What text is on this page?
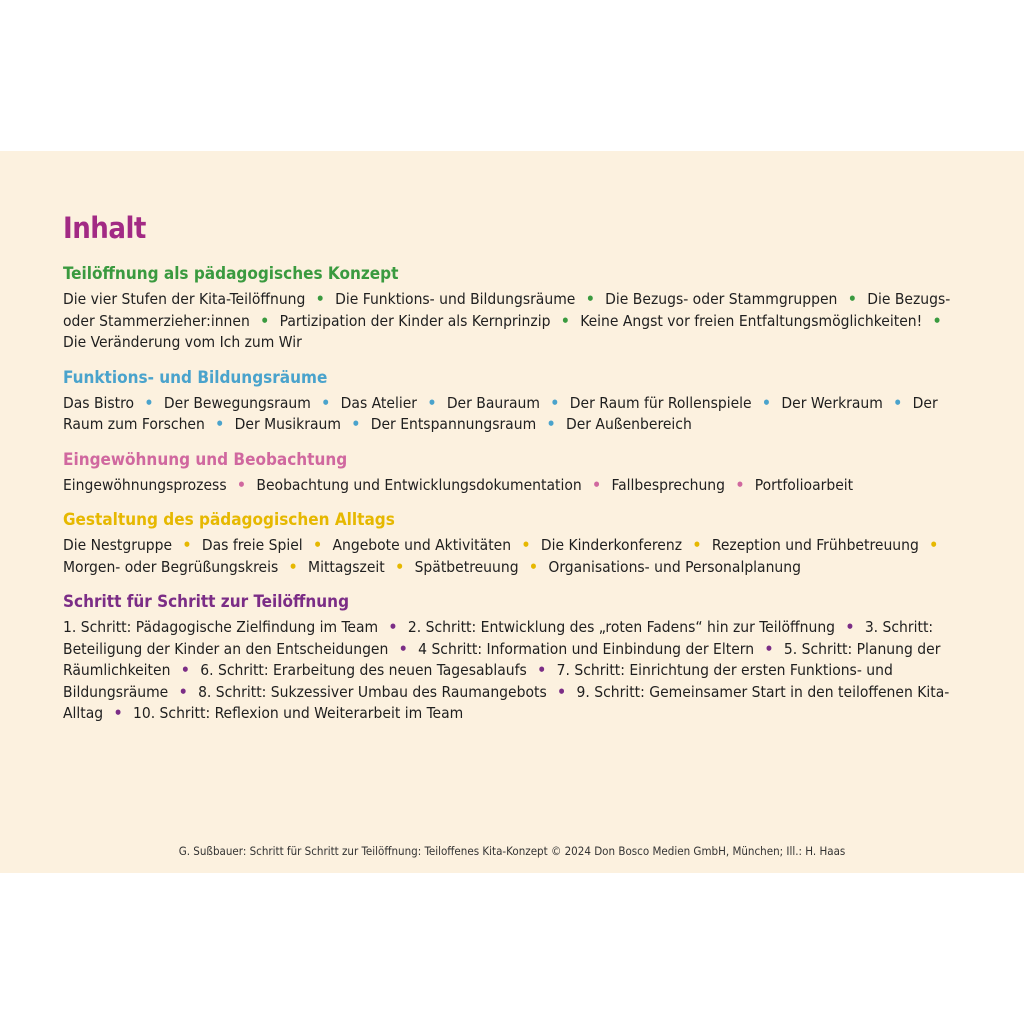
Inhalt
Teilöffnung als pädagogisches Konzept

Die vier Stufen der Kita-Teilöffnung • Die Funktions- und Bildungsräume • Die Bezugs- oder Stammgruppen • Die Bezugs- oder Stammerzieher:innen • Partizipation der Kinder als Kernprinzip • Keine Angst vor freien Entfaltungsmöglichkeiten! • Die Veränderung vom Ich zum Wir

Funktions- und Bildungsräume

Das Bistro • Der Bewegungsraum • Das Atelier • Der Bauraum • Der Raum für Rollenspiele • Der Werkraum • Der Raum zum Forschen • Der Musikraum • Der Entspannungsraum • Der Außenbereich

Eingewöhnung und Beobachtung

Eingewöhnungsprozess • Beobachtung und Entwicklungsdokumentation • Fallbesprechung • Portfolioarbeit

Gestaltung des pädagogischen Alltags

Die Nestgruppe • Das freie Spiel • Angebote und Aktivitäten • Die Kinderkonferenz • Rezeption und Frühbetreuung • Morgen- oder Begrüßungskreis • Mittagszeit • Spätbetreuung • Organisations- und Personalplanung

Schritt für Schritt zur Teilöffnung

1. Schritt: Pädagogische Zielfindung im Team • 2. Schritt: Entwicklung des „roten Fadens“ hin zur Teilöffnung • 3. Schritt: Beteiligung der Kinder an den Entscheidungen • 4 Schritt: Information und Einbindung der Eltern • 5. Schritt: Planung der Räumlichkeiten • 6. Schritt: Erarbeitung des neuen Tagesablaufs • 7. Schritt: Einrichtung der ersten Funktions- und Bildungsräume • 8. Schritt: Sukzessiver Umbau des Raumangebots • 9. Schritt: Gemeinsamer Start in den teiloffenen Kita-Alltag • 10. Schritt: Reflexion und Weiterarbeit im Team

G. Sußbauer: Schritt für Schritt zur Teilöffnung: Teiloffenes Kita-Konzept © 2024 Don Bosco Medien GmbH, München; Ill.: H. Haas
